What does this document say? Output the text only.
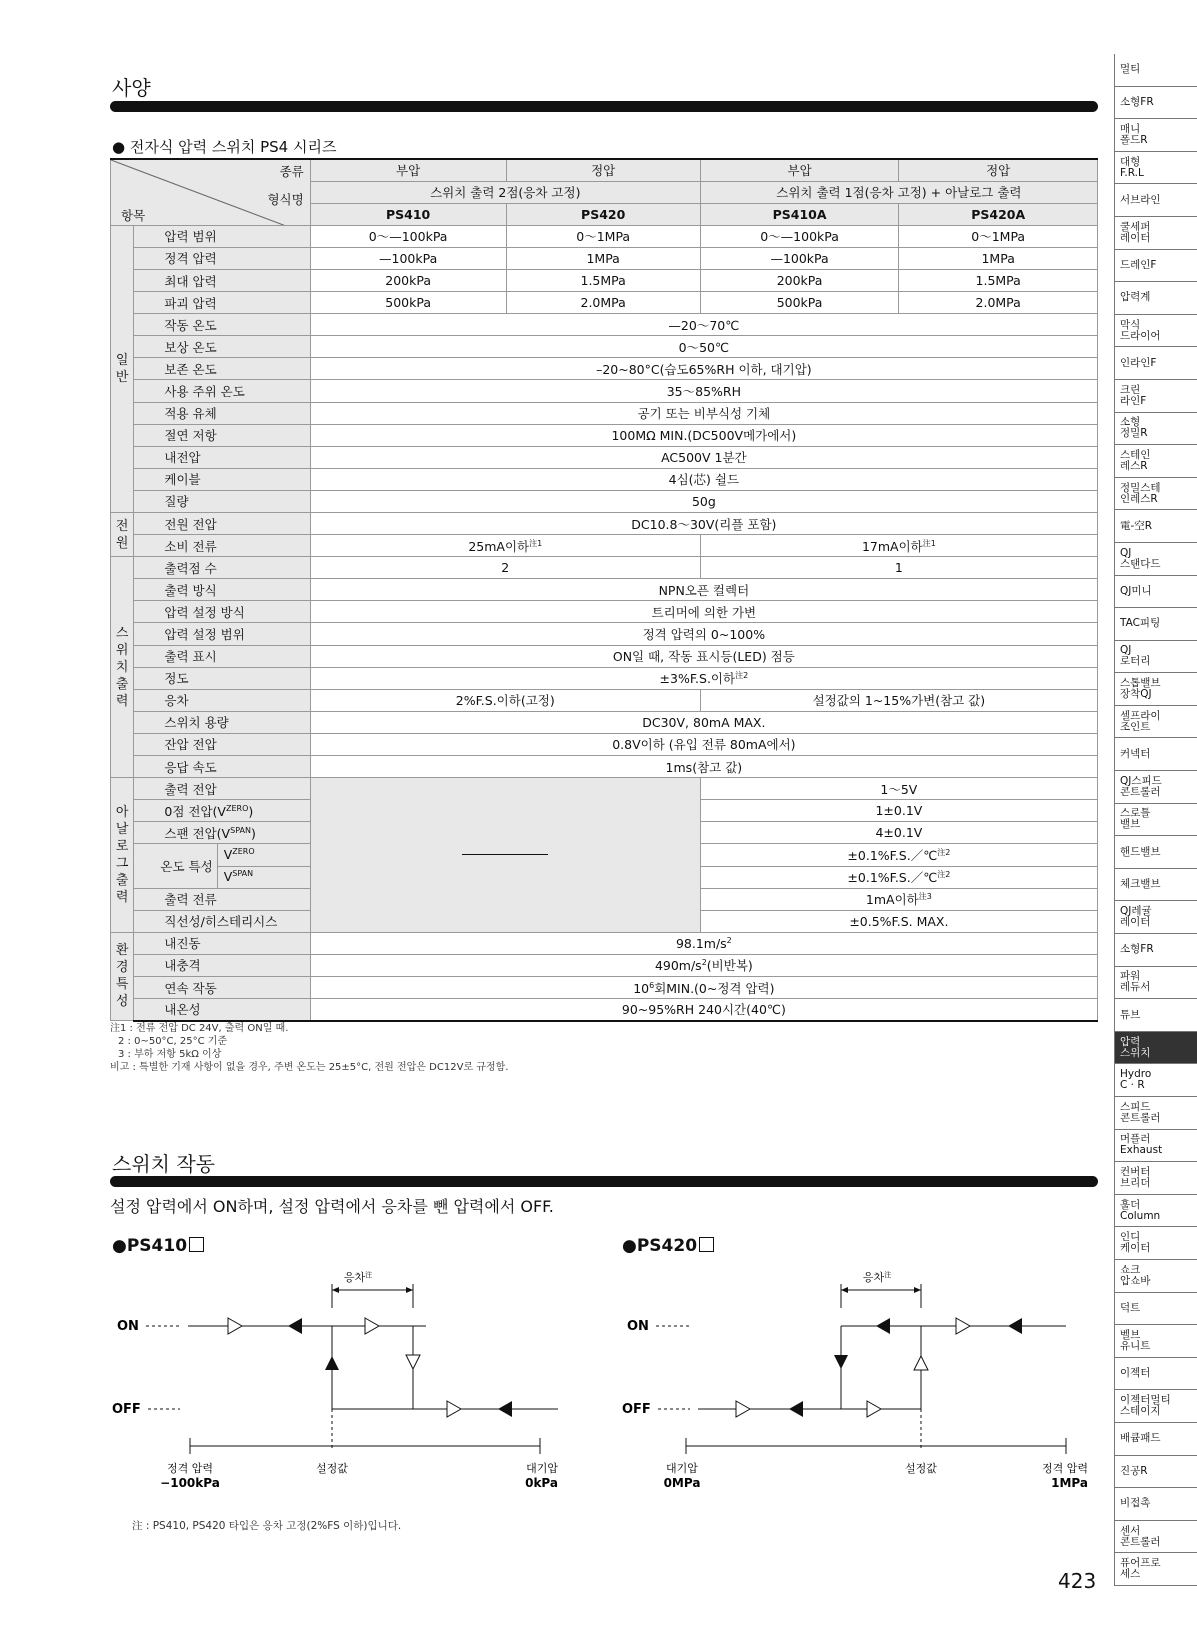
사양
● 전자식 압력 스위치 PS4 시리즈
종류
형식명
항목			부압	정압	부압	정압
			스위치 출력 2점(응차 고정)		스위치 출력 1점(응차 고정) + 아날로그 출력	
			PS410	PS420	PS410A	PS420A
일반	압력 범위		0～—100kPa	0～1MPa	0～—100kPa	0～1MPa
	정격 압력		—100kPa	1MPa	—100kPa	1MPa
	최대 압력		200kPa	1.5MPa	200kPa	1.5MPa
	파괴 압력		500kPa	2.0MPa	500kPa	2.0MPa
	작동 온도		—20～70℃			
	보상 온도		0～50℃			
	보존 온도		–20~80°C(습도65%RH 이하, 대기압)			
	사용 주위 온도		35～85%RH			
	적용 유체		공기 또는 비부식성 기체			
	절연 저항		100MΩ MIN.(DC500V메가에서)			
	내전압		AC500V 1분간			
	케이블		4심(芯) 쉴드			
	질량		50g			
전원	전원 전압		DC10.8～30V(리플 포함)			
	소비 전류		25mA이하$^{注1}$		17mA이하$^{注1}$
스위치출력	출력점 수		2		1	
	출력 방식		NPN오픈 컬렉터			
	압력 설정 방식		트리머에 의한 가변			
	압력 설정 범위		정격 압력의 0~100%			
	출력 표시		ON일 때, 작동 표시등(LED) 점등			
	정도		±3%F.S.이하$^{注2}$
	응차		2%F.S.이하(고정)		설정값의 1~15%가변(참고 값)	
	스위치 용량		DC30V, 80mA MAX.			
	잔압 전압		0.8V이하 (유입 전류 80mA에서)			
	응답 속도		1ms(참고 값)			
아날로그출력	출력 전압				1～5V	
	0점 전압$(V^{ZERO})$				1±0.1V	
	스팬 전압$(V^{SPAN})$				4±0.1V	
	온도 특성	$V^{ZERO}$			±0.1%F.S.／℃$^{注2}$
		$V^{SPAN}$			±0.1%F.S.／℃$^{注2}$
	출력 전류				1mA이하$^{注3}$
	직선성/히스테리시스				±0.5%F.S. MAX.	
환경특성	내진동		$98.1m/s^2$
	내충격		$490m/s^2$(비반복)			
	연속 작동		$10^6$회MIN.(0~정격 압력)			
	내온성		90~95%RH 240시간(40℃)			
注1 : 전류 전압 DC 24V, 출력 ON일 때.
2 : 0~50°C, 25°C 기준
3 : 부하 저항 5kΩ 이상
비고 : 특별한 기재 사항이 없을 경우, 주변 온도는 25±5°C, 전원 전압은 DC12V로 규정함.
스위치 작동
설정 압력에서 ON하며, 설정 압력에서 응차를 뺀 압력에서 OFF.
●PS410	●PS420
ON
OFF
응차$^注$
정격 압력
−100kPa
설정값	대기압
0kPa
ON
OFF
응차$^注$
대기압
0MPa
설정값	정격 압력
1MPa
注 : PS410, PS420 타입은 응차 고정(2%FS 이하)입니다.
멀티
소형FR
매니
폴드R
대형
F.R.L
서브라인
쿨세퍼
레이터
드레인F
압력계
막식
드라이어
인라인F
크린
라인F
소형
정밀R
스테인
레스R
정밀스테
인레스R
電-空R
QJ
스탠다드
QJ미니
TAC피팅
QJ
로터리
스톱밸브
장착QJ
셀프라이
조인트
커넥터
QJ스피드
콘트롤러
스로틀
밸브
핸드밸브
체크밸브
QJ레귤
레이터
소형FR
파워
레듀서
튜브
압력
스위치
Hydro
C · R
스피드
콘트롤러
머플러
Exhaust
컨버터
브리더
훌더
Column
인디
케이터
쇼크
압쇼바
덕트
벨브
유니트
이젝터
이젝터멀티
스테이지
배큠패드
진공R
비접촉
센서
콘트롤러
퓨어프로
세스
423
